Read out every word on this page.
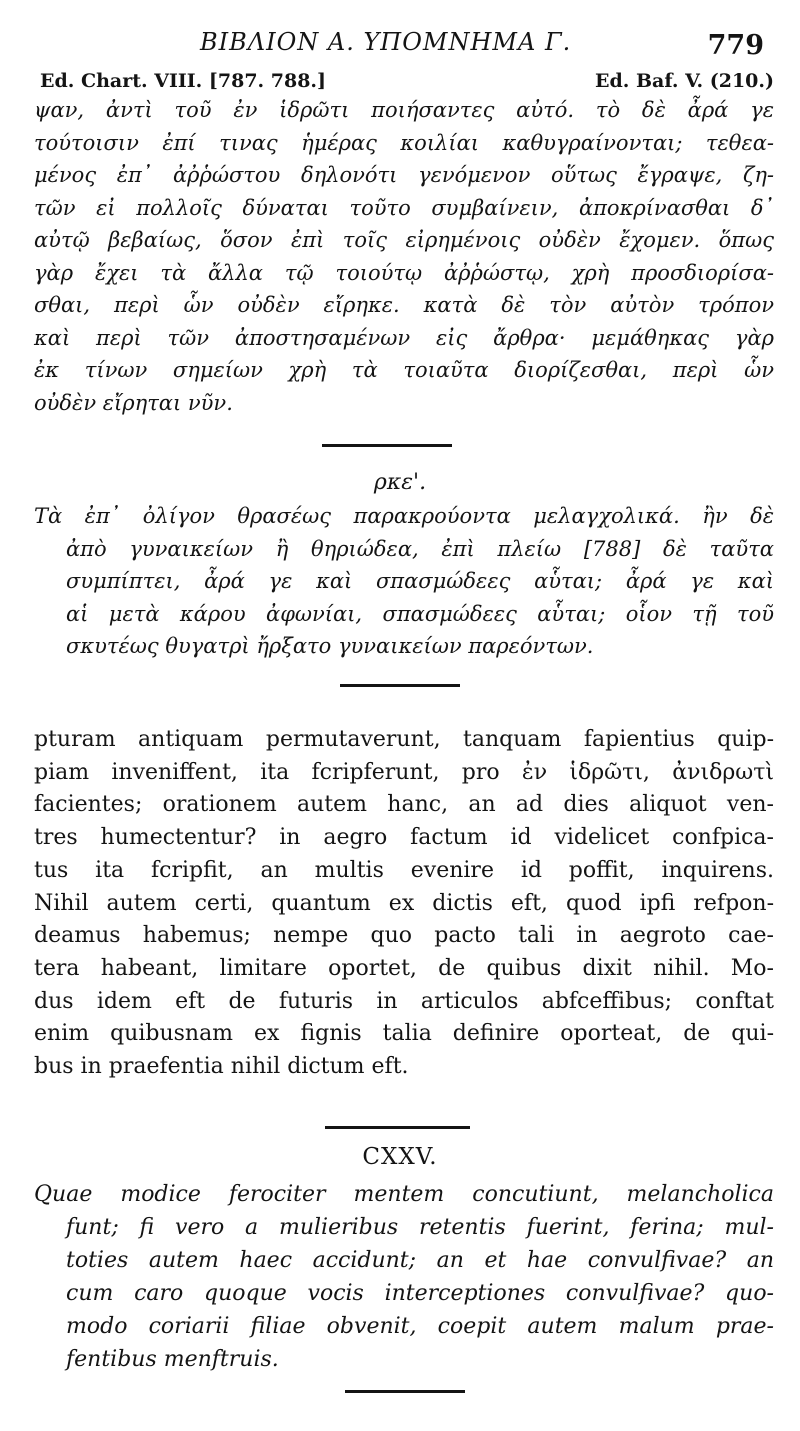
ΒΙΒΛΙΟΝ Α. ΥΠΟΜΝΗΜΑ Γ.	779
Ed. Chart. VIII. [787. 788.]	Ed. Baf. V. (210.)
ψαν, ἀντὶ τοῦ ἐν ἱδρῶτι ποιήσαντες αὐτό. τὸ δὲ ἆρά γε
τούτοισιν ἐπί τινας ἡμέρας κοιλίαι καθυγραίνονται; τεθεα-
μένος ἐπ᾽ ἀῤῥώστου δηλονότι γενόμενον οὕτως ἔγραψε, ζη-
τῶν εἰ πολλοῖς δύναται τοῦτο συμβαίνειν, ἀποκρίνασθαι δ᾽
αὐτῷ βεβαίως, ὅσον ἐπὶ τοῖς εἰρημένοις οὐδὲν ἔχομεν. ὅπως
γὰρ ἔχει τὰ ἄλλα τῷ τοιούτῳ ἀῤῥώστῳ, χρὴ προσδιορίσα-
σθαι, περὶ ὧν οὐδὲν εἴρηκε. κατὰ δὲ τὸν αὐτὸν τρόπον
καὶ περὶ τῶν ἀποστησαμένων εἰς ἄρθρα· μεμάθηκας γὰρ
ἐκ τίνων σημείων χρὴ τὰ τοιαῦτα διορίζεσθαι, περὶ ὧν
οὐδὲν εἴρηται νῦν.
ρκε'.
Τὰ ἐπ᾽ ὀλίγον θρασέως παρακρούοντα μελαγχολικά. ἢν δὲ
ἀπὸ γυναικείων ἢ θηριώδεα, ἐπὶ πλείω [788] δὲ ταῦτα
συμπίπτει, ἆρά γε καὶ σπασμώδεες αὗται; ἆρά γε καὶ
αἱ μετὰ κάρου ἀφωνίαι, σπασμώδεες αὗται; οἷον τῇ τοῦ
σκυτέως θυγατρὶ ἤρξατο γυναικείων παρεόντων.
pturam antiquam permutaverunt, tanquam fapientius quip-
piam inveniffent, ita fcripferunt, pro ἐν ἱδρῶτι, ἀνιδρωτὶ
facientes; orationem autem hanc, an ad dies aliquot ven-
tres humectentur? in aegro factum id videlicet confpica-
tus ita fcripfit, an multis evenire id poffit, inquirens.
Nihil autem certi, quantum ex dictis eft, quod ipfi refpon-
deamus habemus; nempe quo pacto tali in aegroto cae-
tera habeant, limitare oportet, de quibus dixit nihil. Mo-
dus idem eft de futuris in articulos abfceffibus; conftat
enim quibusnam ex fignis talia definire oporteat, de qui-
bus in praefentia nihil dictum eft.
CXXV.
Quae modice ferociter mentem concutiunt, melancholica
funt; fi vero a mulieribus retentis fuerint, ferina; mul-
toties autem haec accidunt; an et hae convulfivae? an
cum caro quoque vocis interceptiones convulfivae? quo-
modo coriarii filiae obvenit, coepit autem malum prae-
fentibus menftruis.
